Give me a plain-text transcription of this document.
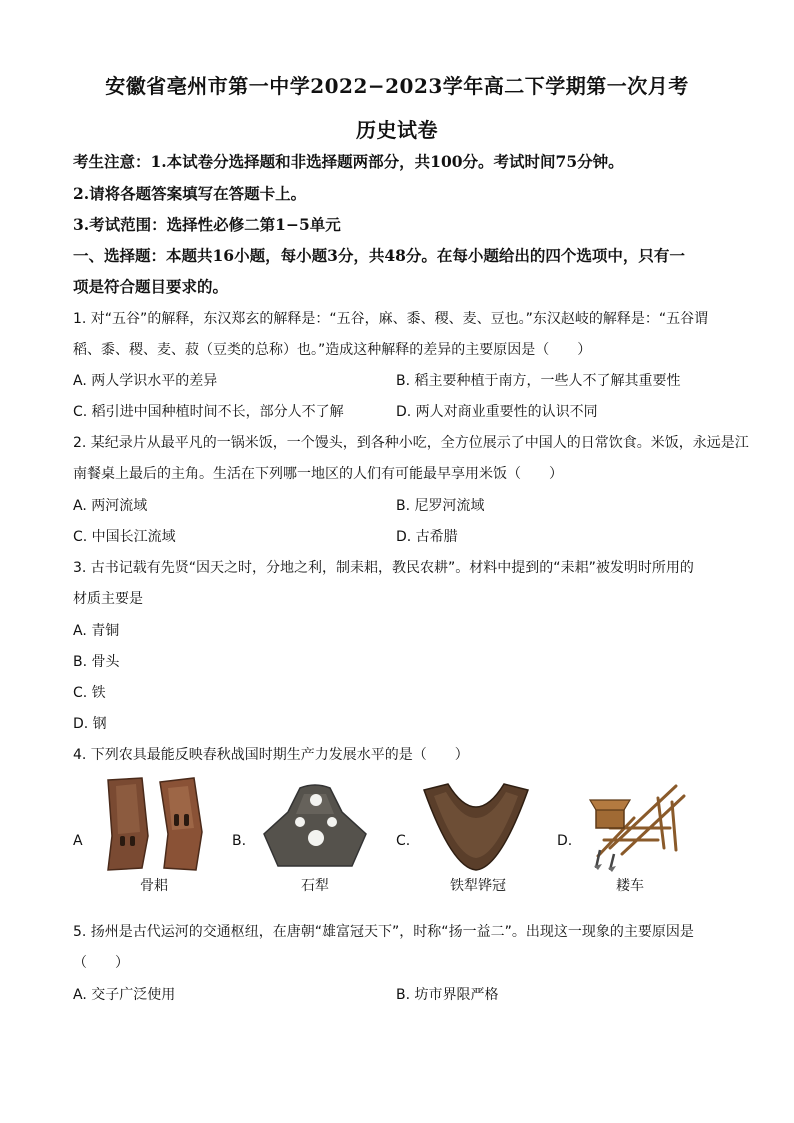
安徽省亳州市第一中学2022−2023学年高二下学期第一次月考
历史试卷
考生注意：1.本试卷分选择题和非选择题两部分，共100分。考试时间75分钟。
2.请将各题答案填写在答题卡上。
3.考试范围：选择性必修二第1−5单元
一、选择题：本题共16小题，每小题3分，共48分。在每小题给出的四个选项中，只有一
项是符合题目要求的。
1. 对“五谷”的解释，东汉郑玄的解释是：“五谷，麻、黍、稷、麦、豆也。”东汉赵岐的解释是：“五谷谓
稻、黍、稷、麦、菽（豆类的总称）也。”造成这种解释的差异的主要原因是（　　）
A. 两人学识水平的差异	B. 稻主要种植于南方，一些人不了解其重要性
C. 稻引进中国种植时间不长，部分人不了解	D. 两人对商业重要性的认识不同
2. 某纪录片从最平凡的一锅米饭，一个馒头，到各种小吃，全方位展示了中国人的日常饮食。米饭，永远是江
南餐桌上最后的主角。生活在下列哪一地区的人们有可能最早享用米饭（　　）
A. 两河流域	B. 尼罗河流域
C. 中国长江流域	D. 古希腊
3. 古书记载有先贤“因天之时，分地之利，制耒耜，教民农耕”。材料中提到的“耒耜”被发明时所用的
材质主要是
A. 青铜
B. 骨头
C. 铁
D. 钢
4. 下列农具最能反映春秋战国时期生产力发展水平的是（　　）
A	B.	C.	D.
骨耜	石犁	铁犁铧冠	耧车
5. 扬州是古代运河的交通枢纽，在唐朝“雄富冠天下”，时称“扬一益二”。出现这一现象的主要原因是
（　　）
A. 交子广泛使用	B. 坊市界限严格
